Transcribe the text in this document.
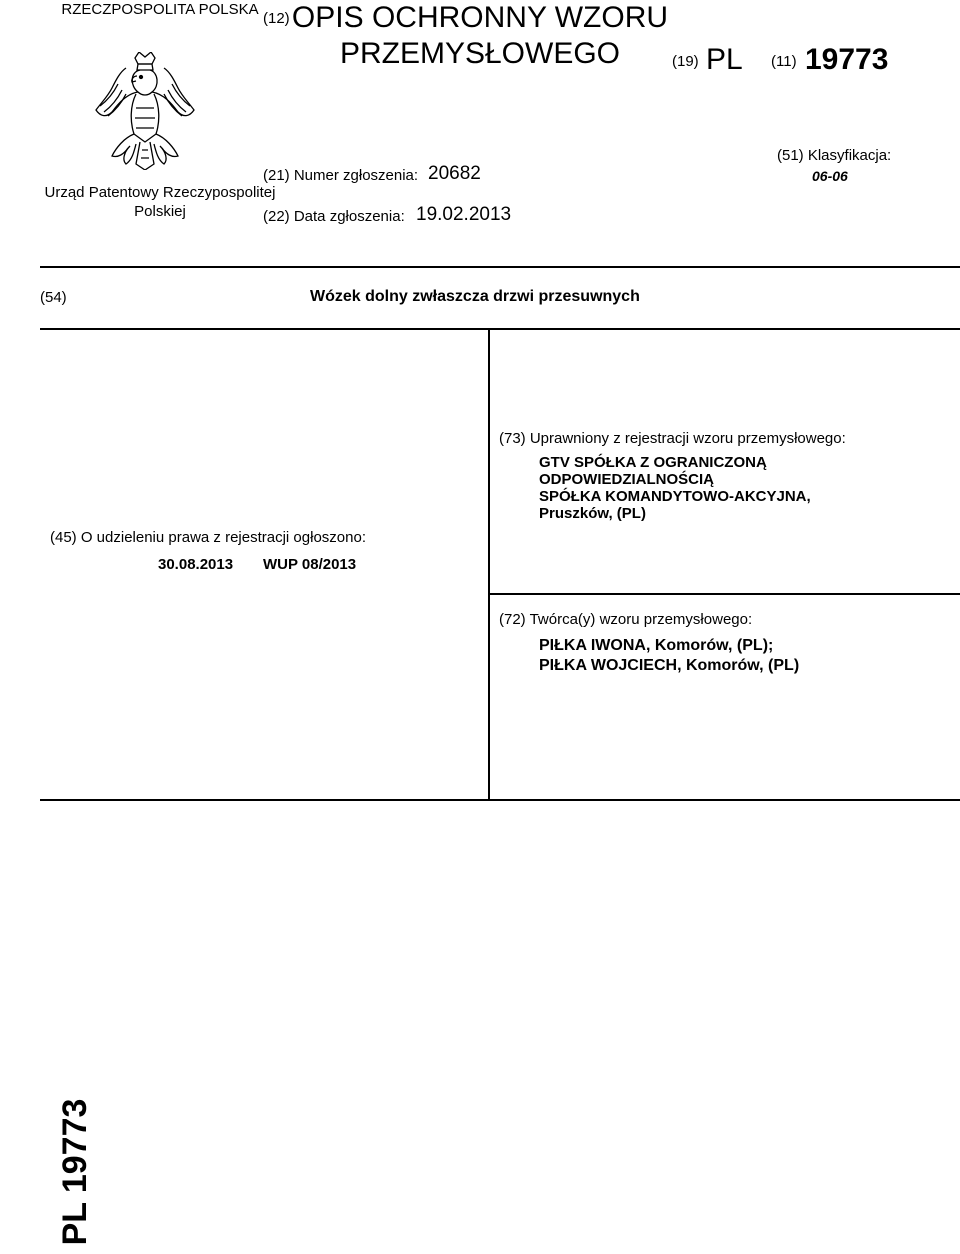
RZECZPOSPOLITA POLSKA
Urząd Patentowy Rzeczypospolitej Polskiej
(12) OPIS OCHRONNY WZORU PRZEMYSŁOWEGO	(19) PL (11) 19773
(21) Numer zgłoszenia: 20682
(22) Data zgłoszenia: 19.02.2013
(51) Klasyfikacja:
06-06
(54)	Wózek dolny zwłaszcza drzwi przesuwnych
(45) O udzieleniu prawa z rejestracji ogłoszono:
30.08.2013 WUP 08/2013
(73) Uprawniony z rejestracji wzoru przemysłowego:
GTV SPÓŁKA Z OGRANICZONĄ
ODPOWIEDZIALNOŚCIĄ
SPÓŁKA KOMANDYTOWO-AKCYJNA,
Pruszków, (PL)
(72) Twórca(y) wzoru przemysłowego:
PIŁKA IWONA, Komorów, (PL);
PIŁKA WOJCIECH, Komorów, (PL)
PL 19773
